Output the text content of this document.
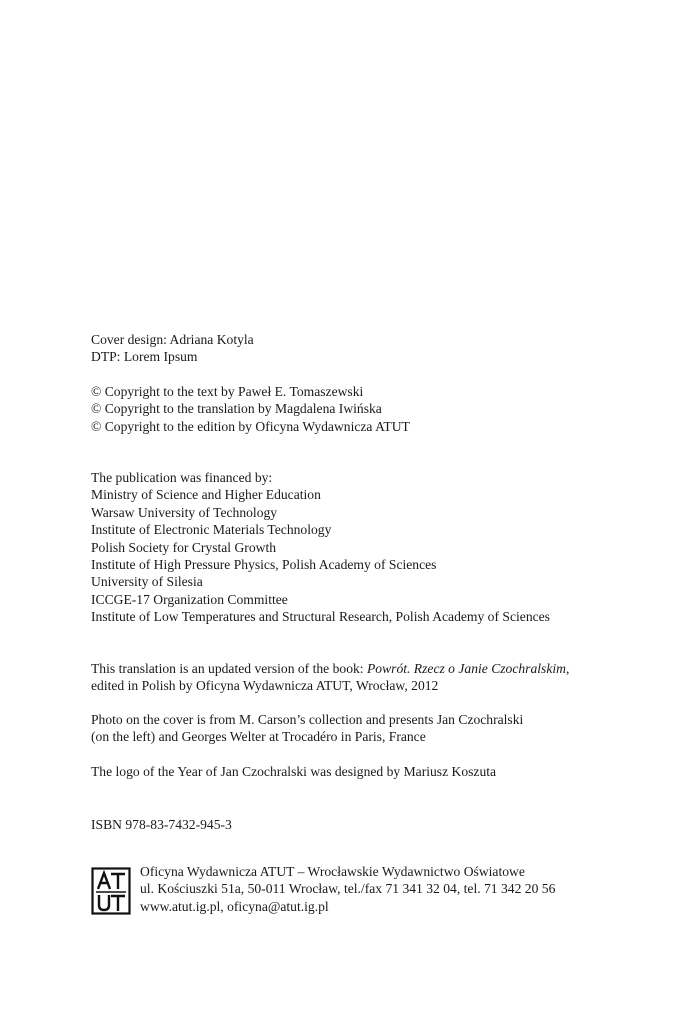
Cover design: Adriana Kotyla
DTP: Lorem Ipsum
© Copyright to the text by Paweł E. Tomaszewski
© Copyright to the translation by Magdalena Iwińska
© Copyright to the edition by Oficyna Wydawnicza ATUT
The publication was financed by:
Ministry of Science and Higher Education
Warsaw University of Technology
Institute of Electronic Materials Technology
Polish Society for Crystal Growth
Institute of High Pressure Physics, Polish Academy of Sciences
University of Silesia
ICCGE-17 Organization Committee
Institute of Low Temperatures and Structural Research, Polish Academy of Sciences
This translation is an updated version of the book: Powrót. Rzecz o Janie Czochralskim,
edited in Polish by Oficyna Wydawnicza ATUT, Wrocław, 2012
Photo on the cover is from M. Carson’s collection and presents Jan Czochralski
(on the left) and Georges Welter at Trocadéro in Paris, France
The logo of the Year of Jan Czochralski was designed by Mariusz Koszuta
ISBN 978-83-7432-945-3
Oficyna Wydawnicza ATUT – Wrocławskie Wydawnictwo Oświatowe
ul. Kościuszki 51a, 50-011 Wrocław, tel./fax 71 341 32 04, tel. 71 342 20 56
www.atut.ig.pl, oficyna@atut.ig.pl
